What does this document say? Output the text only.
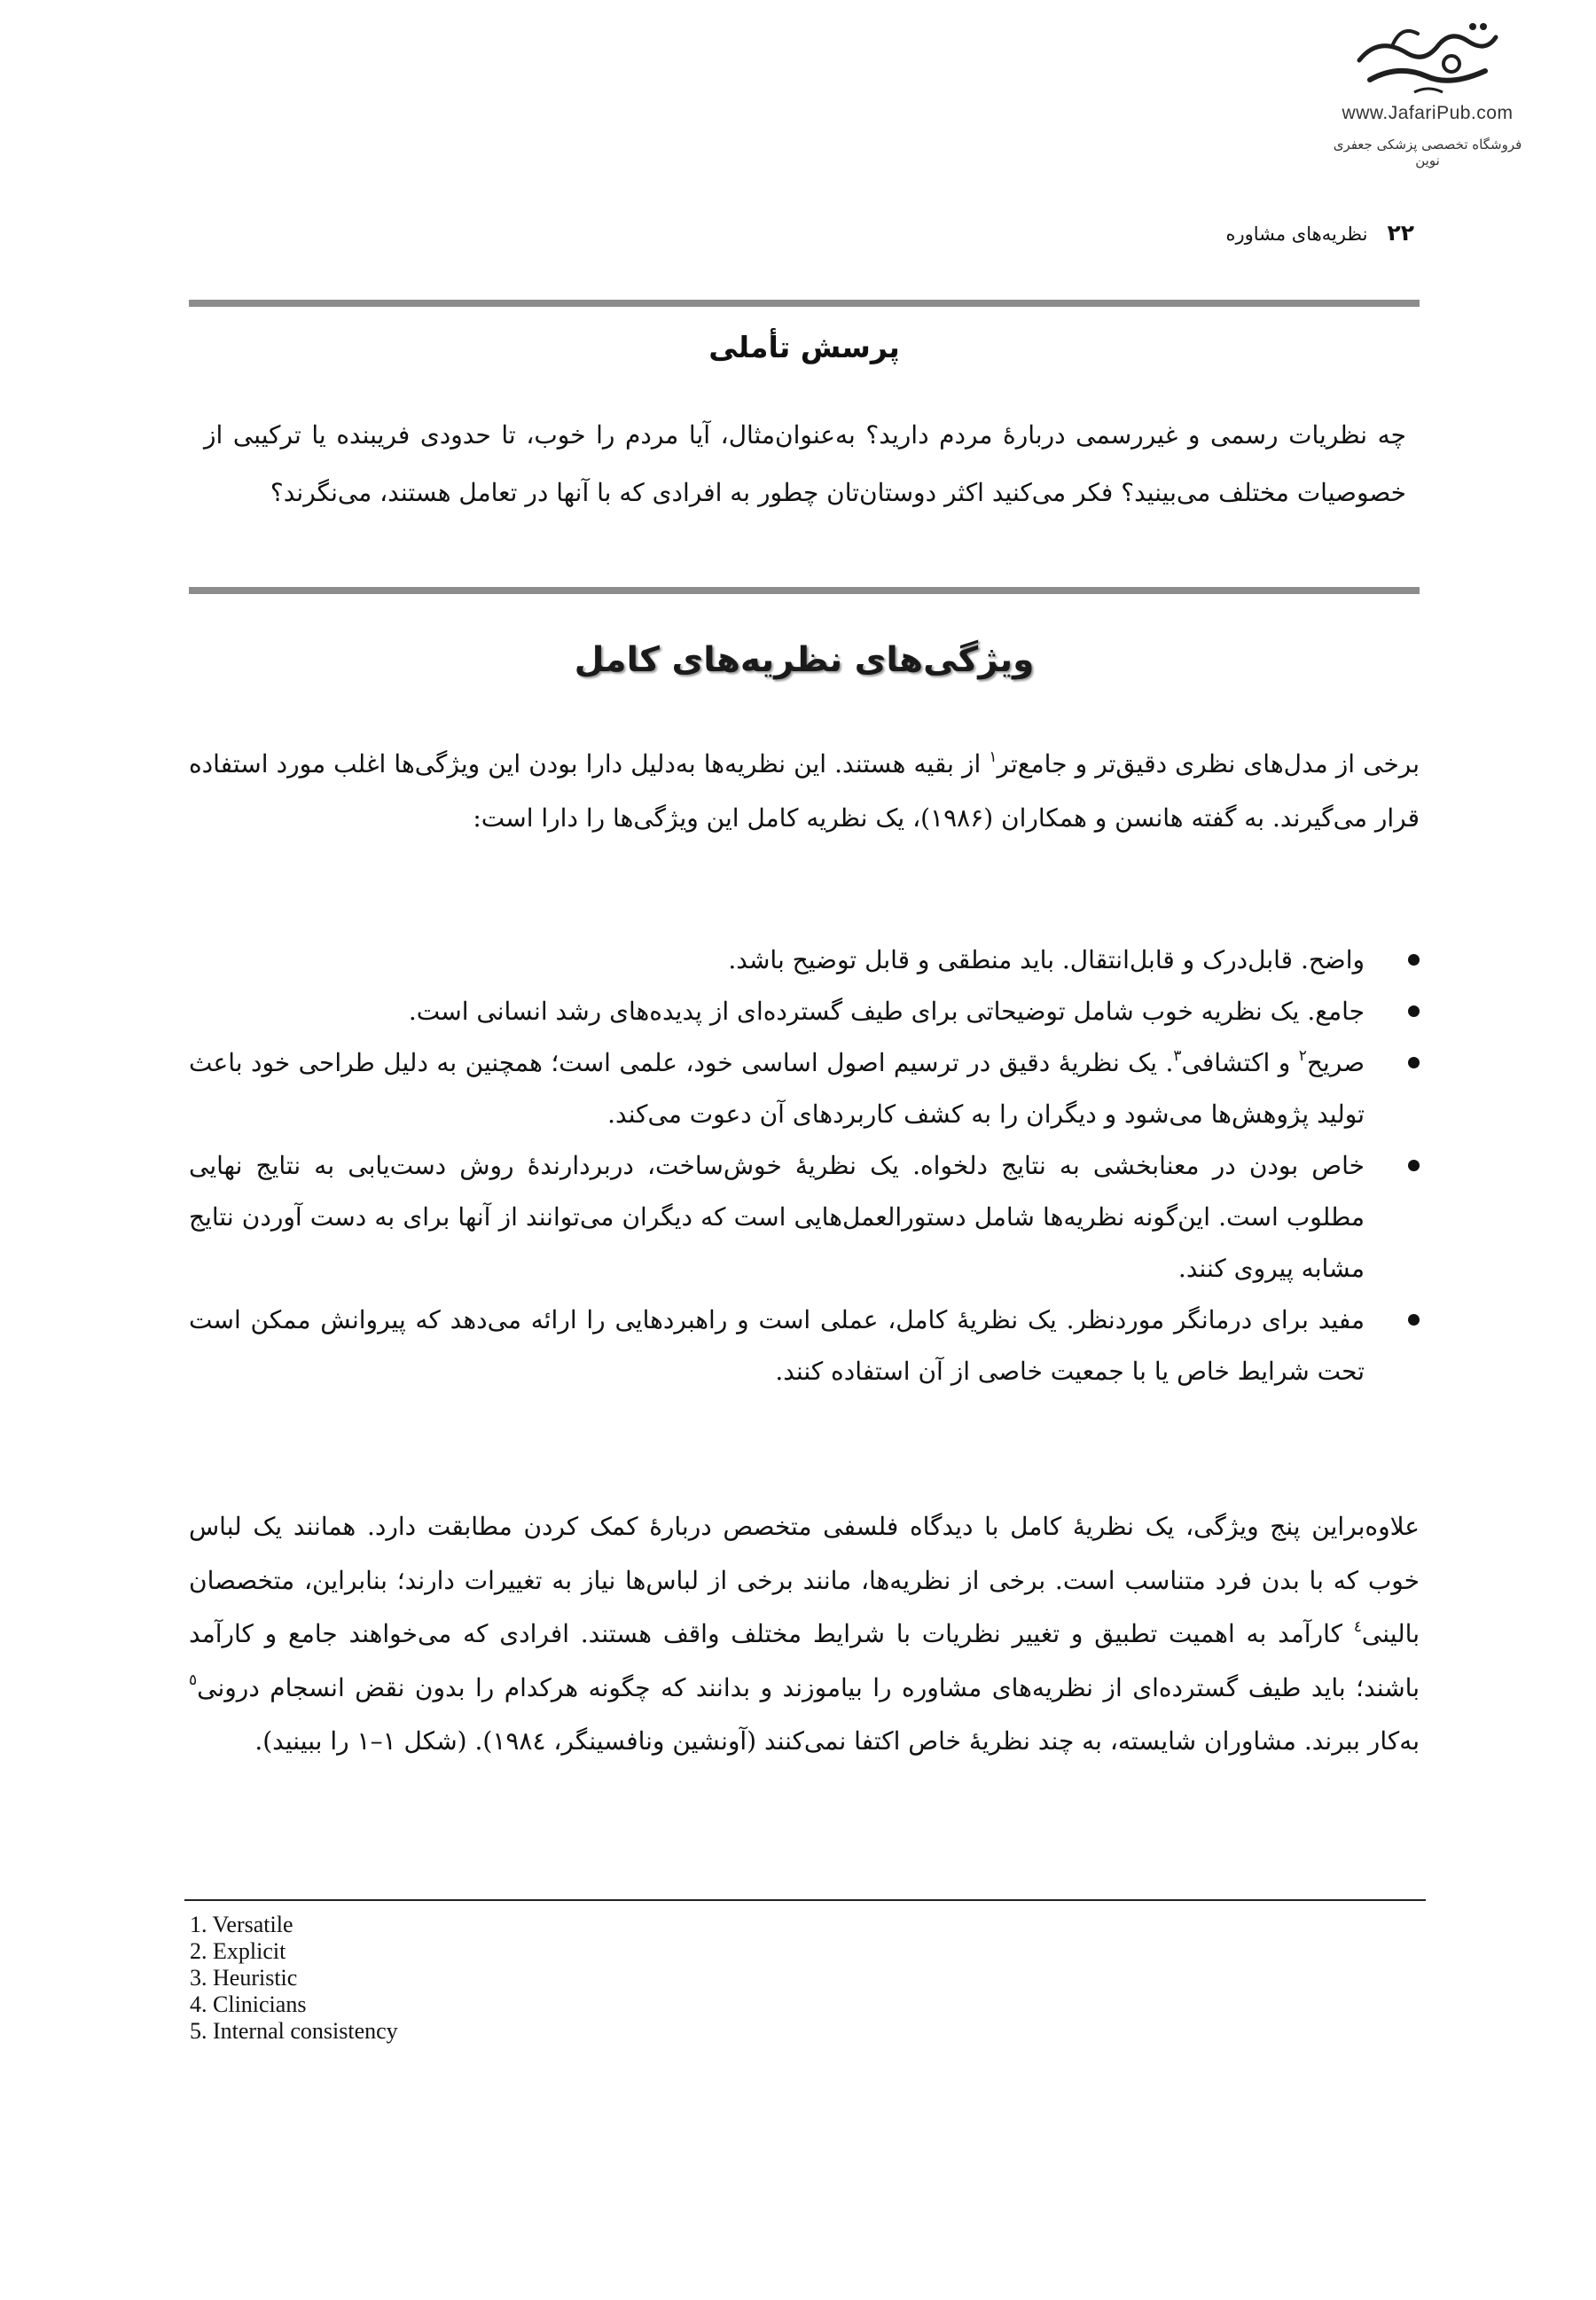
www.JafariPub.com
فروشگاه تخصصی پزشکی جعفری نوین
۲۲
نظریه‌های مشاوره
پرسش تأملی
چه نظریات رسمی و غیررسمی دربارهٔ مردم دارید؟ به‌عنوان‌مثال، آیا مردم را خوب، تا حدودی فریبنده یا ترکیبی از خصوصیات مختلف می‌بینید؟ فکر می‌کنید اکثر دوستان‌تان چطور به افرادی که با آنها در تعامل هستند، می‌نگرند؟
ویژگی‌های نظریه‌های کامل

برخی از مدل‌های نظری دقیق‌تر و جامع‌تر$^۱$ از بقیه هستند. این نظریه‌ها به‌دلیل دارا بودن این ویژگی‌ها اغلب مورد استفاده قرار می‌گیرند. به گفته هانسن و همکاران (۱۹۸۶)، یک نظریه کامل این ویژگی‌ها را دارا است:

واضح. قابل‌درک و قابل‌انتقال. باید منطقی و قابل توضیح باشد.
جامع. یک نظریه خوب شامل توضیحاتی برای طیف گسترده‌ای از پدیده‌های رشد انسانی است.
صریح$^۲$ و اکتشافی$^۳$. یک نظریهٔ دقیق در ترسیم اصول اساسی خود، علمی است؛ همچنین به دلیل طراحی خود باعث تولید پژوهش‌ها می‌شود و دیگران را به کشف کاربردهای آن دعوت می‌کند.
خاص بودن در معنابخشی به نتایج دلخواه. یک نظریهٔ خوش‌ساخت، دربردارندهٔ روش دست‌یابی به نتایج نهایی مطلوب است. این‌گونه نظریه‌ها شامل دستورالعمل‌هایی است که دیگران می‌توانند از آنها برای به دست آوردن نتایج مشابه پیروی کنند.
مفید برای درمانگر موردنظر. یک نظریهٔ کامل، عملی است و راهبردهایی را ارائه می‌دهد که پیروانش ممکن است تحت شرایط خاص یا با جمعیت خاصی از آن استفاده کنند.

علاوه‌براین پنج ویژگی، یک نظریهٔ کامل با دیدگاه فلسفی متخصص دربارهٔ کمک کردن مطابقت دارد. همانند یک لباس خوب که با بدن فرد متناسب است. برخی از نظریه‌ها، مانند برخی از لباس‌ها نیاز به تغییرات دارند؛ بنابراین، متخصصان بالینی$^٤$ کارآمد به اهمیت تطبیق و تغییر نظریات با شرایط مختلف واقف هستند. افرادی که می‌خواهند جامع و کارآمد باشند؛ باید طیف گسترده‌ای از نظریه‌های مشاوره را بیاموزند و بدانند که چگونه هرکدام را بدون نقض انسجام درونی$^٥$ به‌کار ببرند. مشاوران شایسته، به چند نظریهٔ خاص اکتفا نمی‌کنند (آونشین ونافسینگر، ۱۹۸٤). (شکل ۱–۱ را ببینید).

1. Versatile
2. Explicit
3. Heuristic
4. Clinicians
5. Internal consistency
